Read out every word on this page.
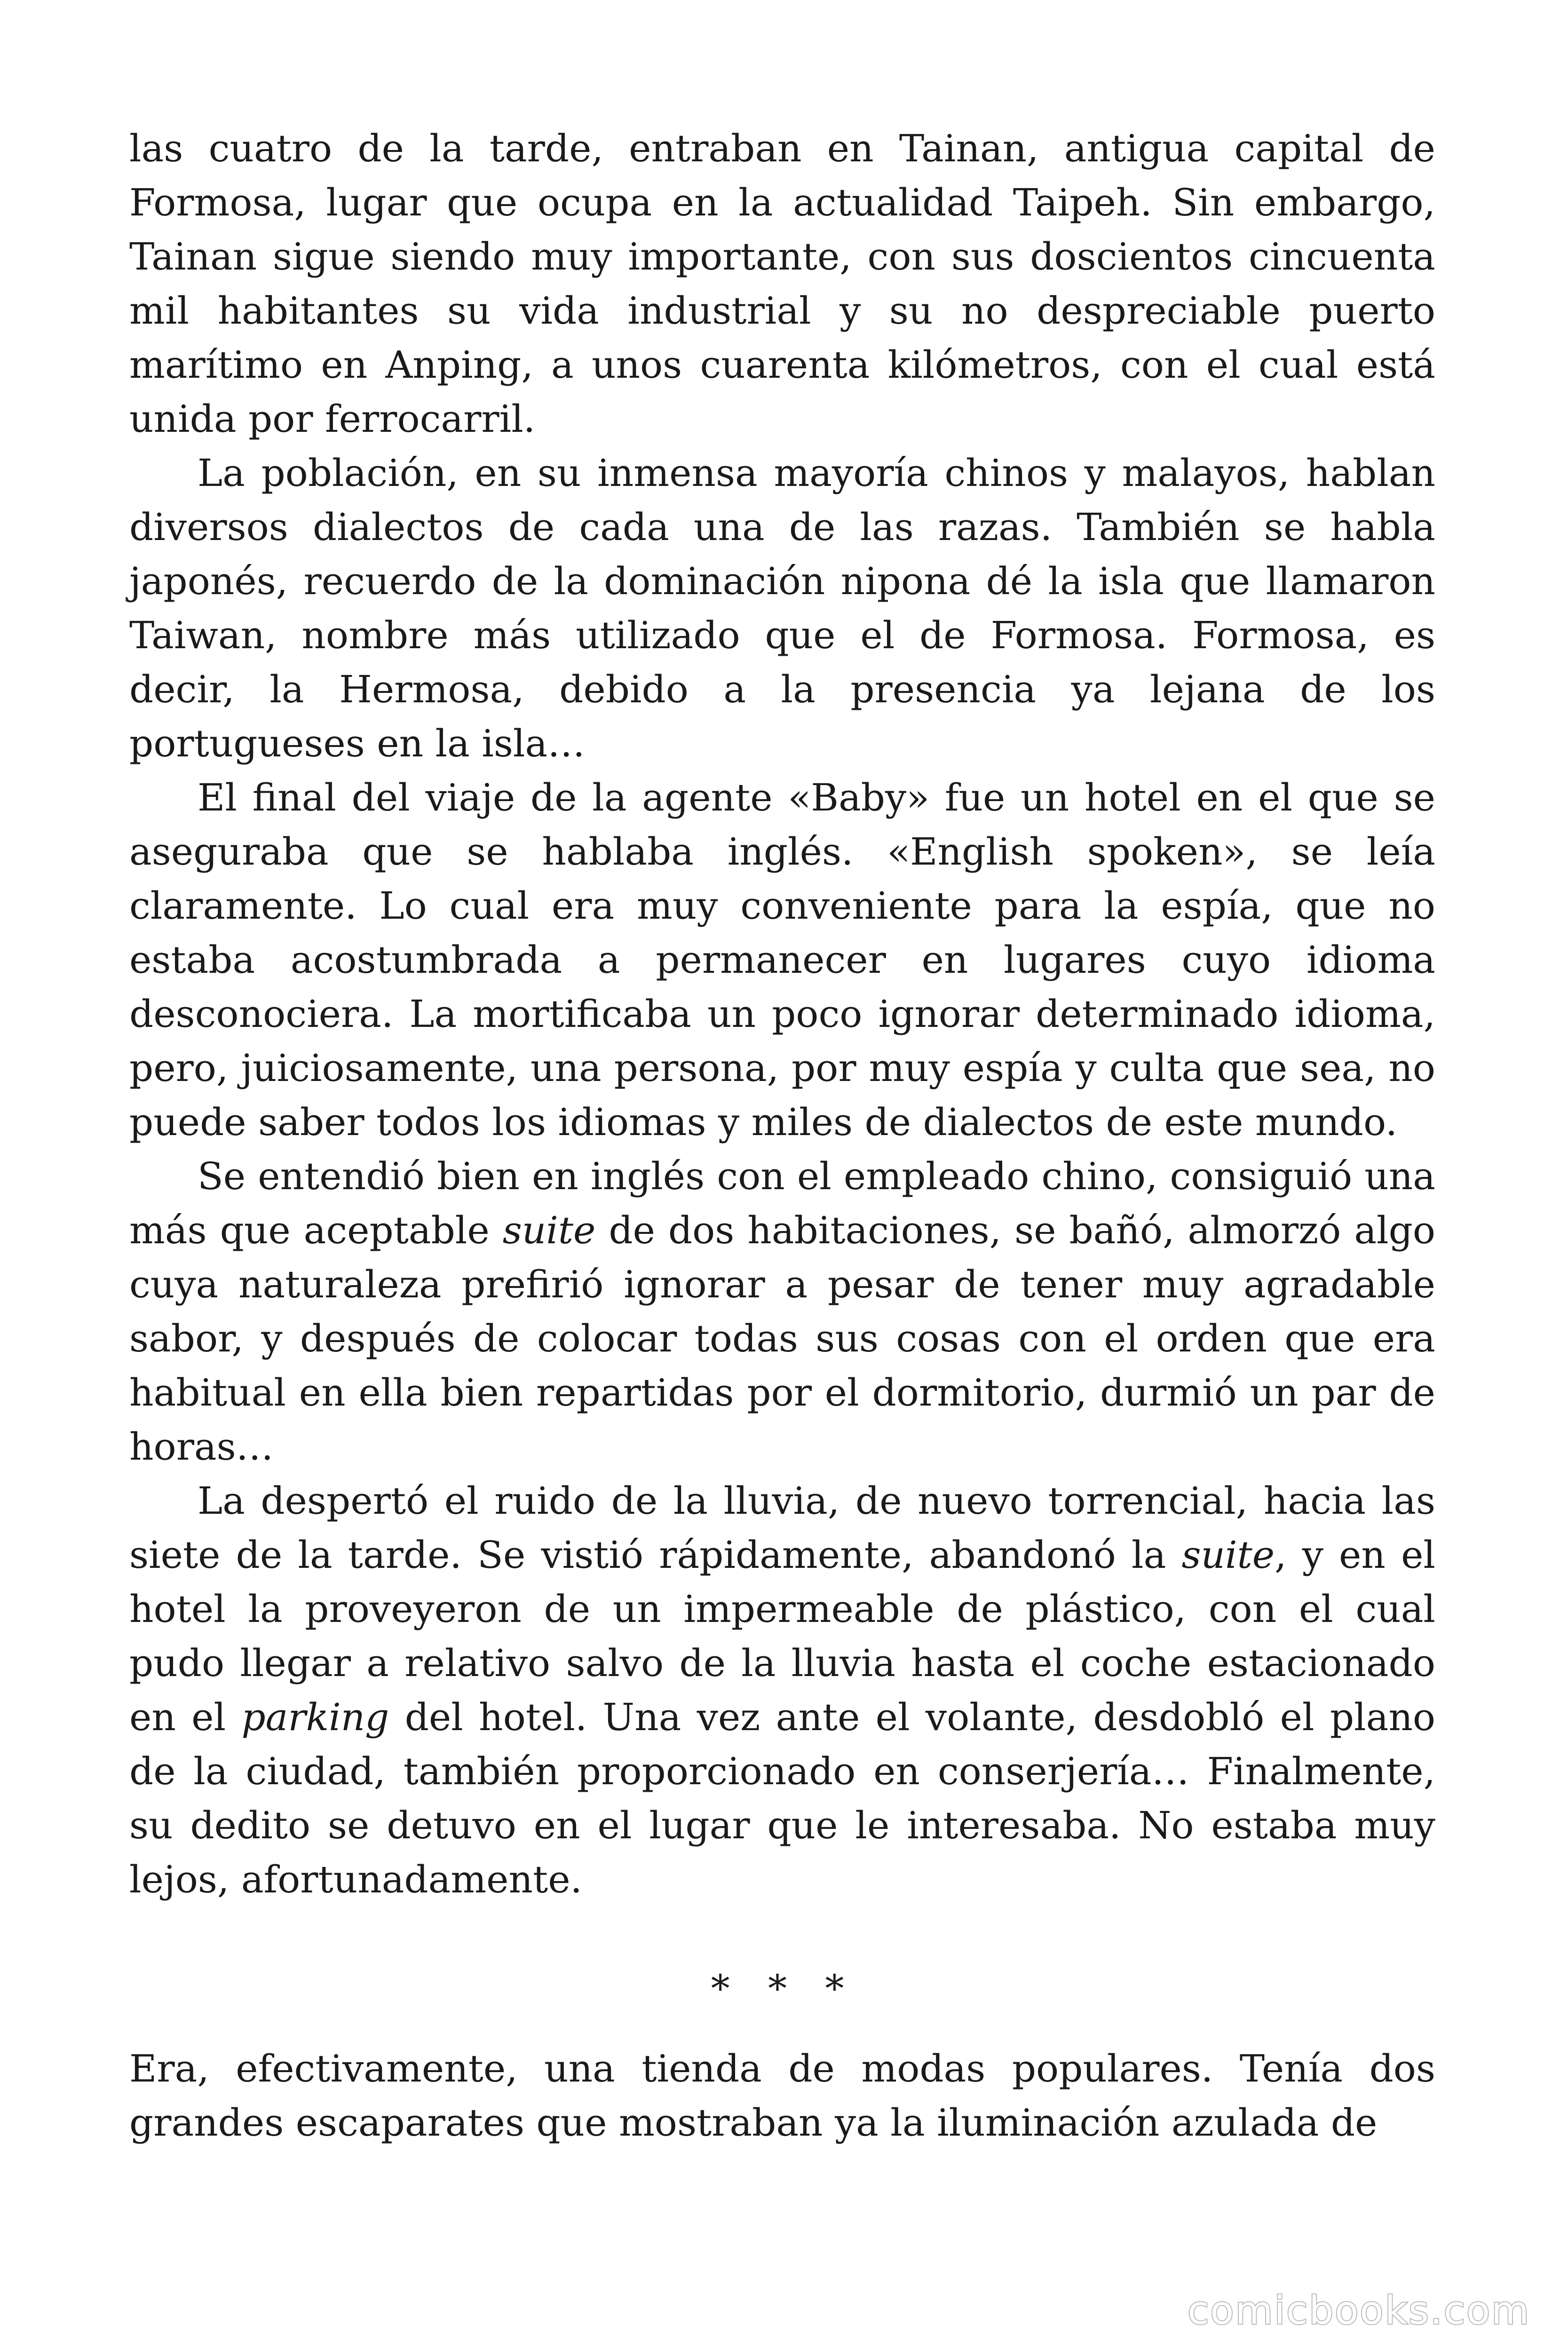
las cuatro de la tarde, entraban en Tainan, antigua capital de Formosa, lugar que ocupa en la actualidad Taipeh. Sin embargo, Tainan sigue siendo muy importante, con sus doscientos cincuenta mil habitantes su vida industrial y su no despreciable puerto marítimo en Anping, a unos cuarenta kilómetros, con el cual está unida por ferrocarril.

La población, en su inmensa mayoría chinos y malayos, hablan diversos dialectos de cada una de las razas. También se habla japonés, recuerdo de la dominación nipona dé la isla que llamaron Taiwan, nombre más utilizado que el de Formosa. Formosa, es decir, la Hermosa, debido a la presencia ya lejana de los portugueses en la isla…

El final del viaje de la agente «Baby» fue un hotel en el que se aseguraba que se hablaba inglés. «English spoken», se leía claramente. Lo cual era muy conveniente para la espía, que no estaba acostumbrada a permanecer en lugares cuyo idioma desconociera. La mortificaba un poco ignorar determinado idioma, pero, juiciosamente, una persona, por muy espía y culta que sea, no puede saber todos los idiomas y miles de dialectos de este mundo.

Se entendió bien en inglés con el empleado chino, consiguió una más que aceptable suite de dos habitaciones, se bañó, almorzó algo cuya naturaleza prefirió ignorar a pesar de tener muy agradable sabor, y después de colocar todas sus cosas con el orden que era habitual en ella bien repartidas por el dormitorio, durmió un par de horas…

La despertó el ruido de la lluvia, de nuevo torrencial, hacia las siete de la tarde. Se vistió rápidamente, abandonó la suite, y en el hotel la proveyeron de un impermeable de plástico, con el cual pudo llegar a relativo salvo de la lluvia hasta el coche estacionado en el parking del hotel. Una vez ante el volante, desdobló el plano de la ciudad, también proporcionado en conserjería… Finalmente, su dedito se detuvo en el lugar que le interesaba. No estaba muy lejos, afortunadamente.

* * *

Era, efectivamente, una tienda de modas populares. Tenía dos grandes escaparates que mostraban ya la iluminación azulada de

comicbooks.com
